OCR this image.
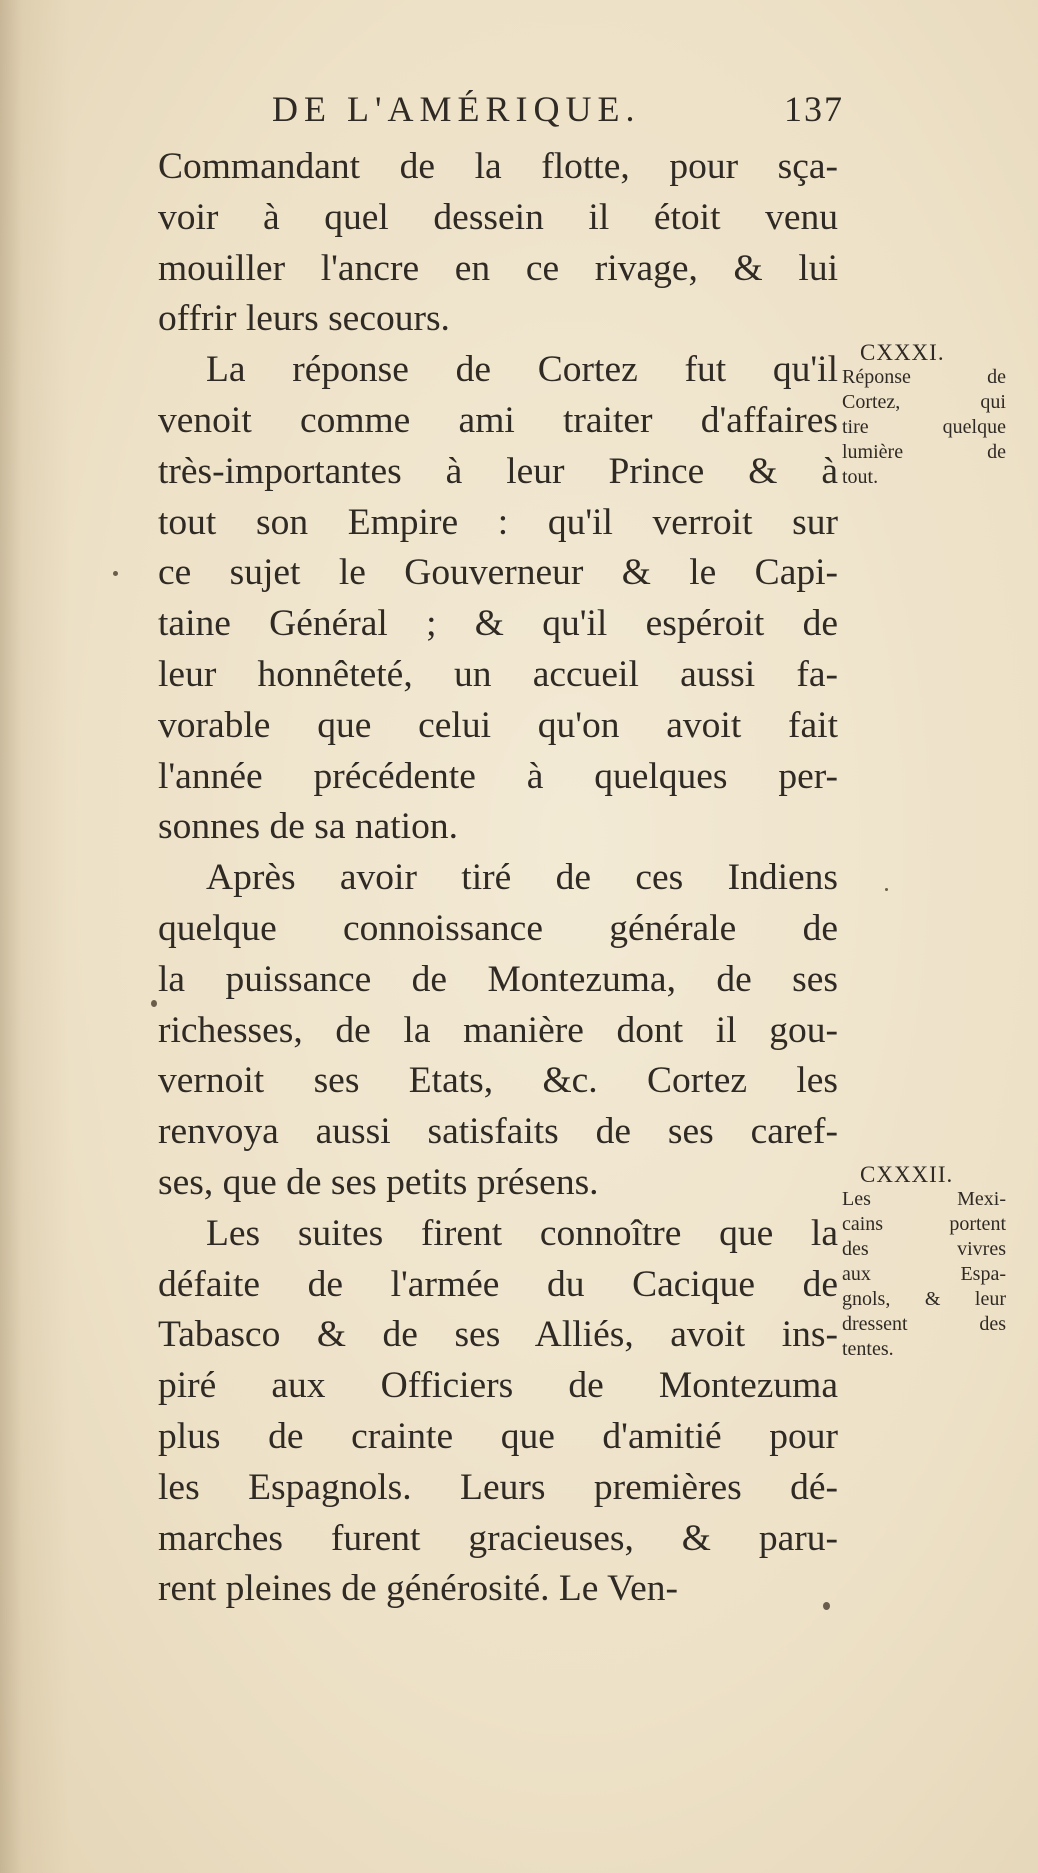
DE L'AMÉRIQUE.	137
Commandant de la flotte, pour sça-
voir à quel dessein il étoit venu
mouiller l'ancre en ce rivage, & lui
offrir leurs secours.
La réponse de Cortez fut qu'il
venoit comme ami traiter d'affaires
très-importantes à leur Prince & à
tout son Empire : qu'il verroit sur
ce sujet le Gouverneur & le Capi-
taine Général ; & qu'il espéroit de
leur honnêteté, un accueil aussi fa-
vorable que celui qu'on avoit fait
l'année précédente à quelques per-
sonnes de sa nation.
Après avoir tiré de ces Indiens
quelque connoissance générale de
la puissance de Montezuma, de ses
richesses, de la manière dont il gou-
vernoit ses Etats, &c. Cortez les
renvoya aussi satisfaits de ses caref-
ses, que de ses petits présens.
Les suites firent connoître que la
défaite de l'armée du Cacique de
Tabasco & de ses Alliés, avoit ins-
piré aux Officiers de Montezuma
plus de crainte que d'amitié pour
les Espagnols. Leurs premières dé-
marches furent gracieuses, & paru-
rent pleines de générosité. Le Ven-
CXXXI.
Réponse de
Cortez, qui
tire quelque
lumière de
tout.
CXXXII.
Les Mexi-
cains portent
des vivres
aux Espa-
gnols, & leur
dressent des
tentes.
